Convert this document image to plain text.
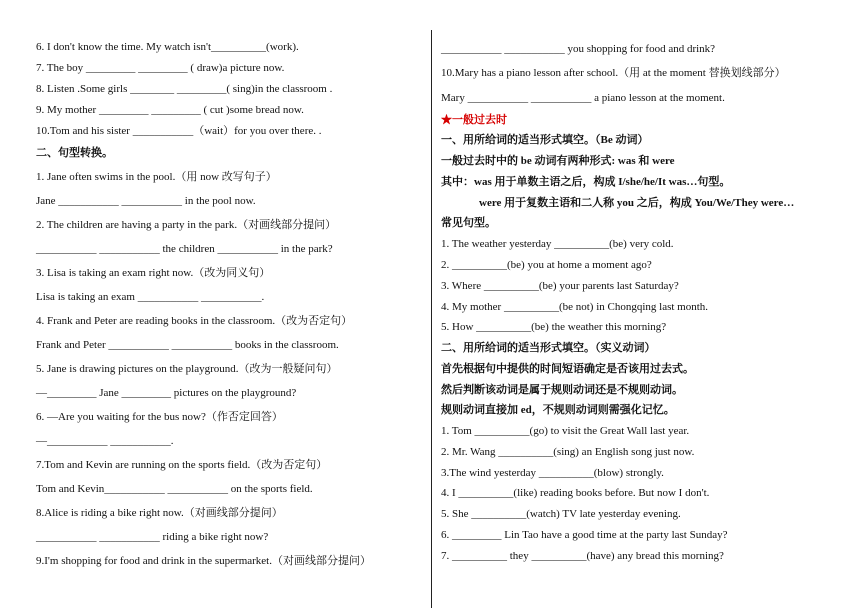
6. I don't know the time. My watch isn't__________(work).
7. The boy _________ _________ ( draw)a picture now.
8. Listen .Some girls ________ _________( sing)in the classroom .
9. My mother _________ _________ ( cut )some bread now.
10.Tom and his sister ___________（wait）for you over there. .
二、句型转换。
1. Jane often swims in the pool.（用 now 改写句子）
Jane ___________ ___________ in the pool now.
2. The children are having a party in the park.（对画线部分提问）
___________ ___________ the children ___________ in the park?
3. Lisa is taking an exam right now.（改为同义句）
Lisa is taking an exam ___________ ___________.
4. Frank and Peter are reading books in the classroom.（改为否定句）
Frank and Peter ___________ ___________ books in the classroom.
5. Jane is drawing pictures on the playground.（改为一般疑问句）
—_________ Jane _________ pictures on the playground?
6. —Are you waiting for the bus now?（作否定回答）
—___________ ___________.
7.Tom and Kevin are running on the sports field.（改为否定句）
Tom and Kevin___________ ___________ on the sports field.
8.Alice is riding a bike right now.（对画线部分提问）
___________ ___________ riding a bike right now?
9.I'm shopping for food and drink in the supermarket.（对画线部分提问）
___________ ___________ you shopping for food and drink?
10.Mary has a piano lesson after school.（用 at the moment 替换划线部分）
Mary ___________ ___________ a piano lesson at the moment.
★一般过去时
一、用所给词的适当形式填空。（Be 动词）
一般过去时中的 be 动词有两种形式: was 和 were
其中：was 用于单数主语之后，构成 I/she/he/It was…句型。
were 用于复数主语和二人称 you 之后，构成 You/We/They were…
常见句型。
1. The weather yesterday __________(be) very cold.
2. __________(be) you at home a moment ago?
3. Where __________(be) your parents last Saturday?
4. My mother __________(be not) in Chongqing last month.
5. How __________(be) the weather this morning?
二、用所给词的适当形式填空。（实义动词）
首先根据句中提供的时间短语确定是否该用过去式。
然后判断该动词是属于规则动词还是不规则动词。
规则动词直接加 ed，不规则动词则需强化记忆。
1. Tom __________(go) to visit the Great Wall last year.
2. Mr. Wang __________(sing) an English song just now.
3.The wind yesterday __________(blow) strongly.
4. I __________(like) reading books before. But now I don't.
5. She __________(watch) TV late yesterday evening.
6. _________ Lin Tao have a good time at the party last Sunday?
7. __________ they __________(have) any bread this morning?
